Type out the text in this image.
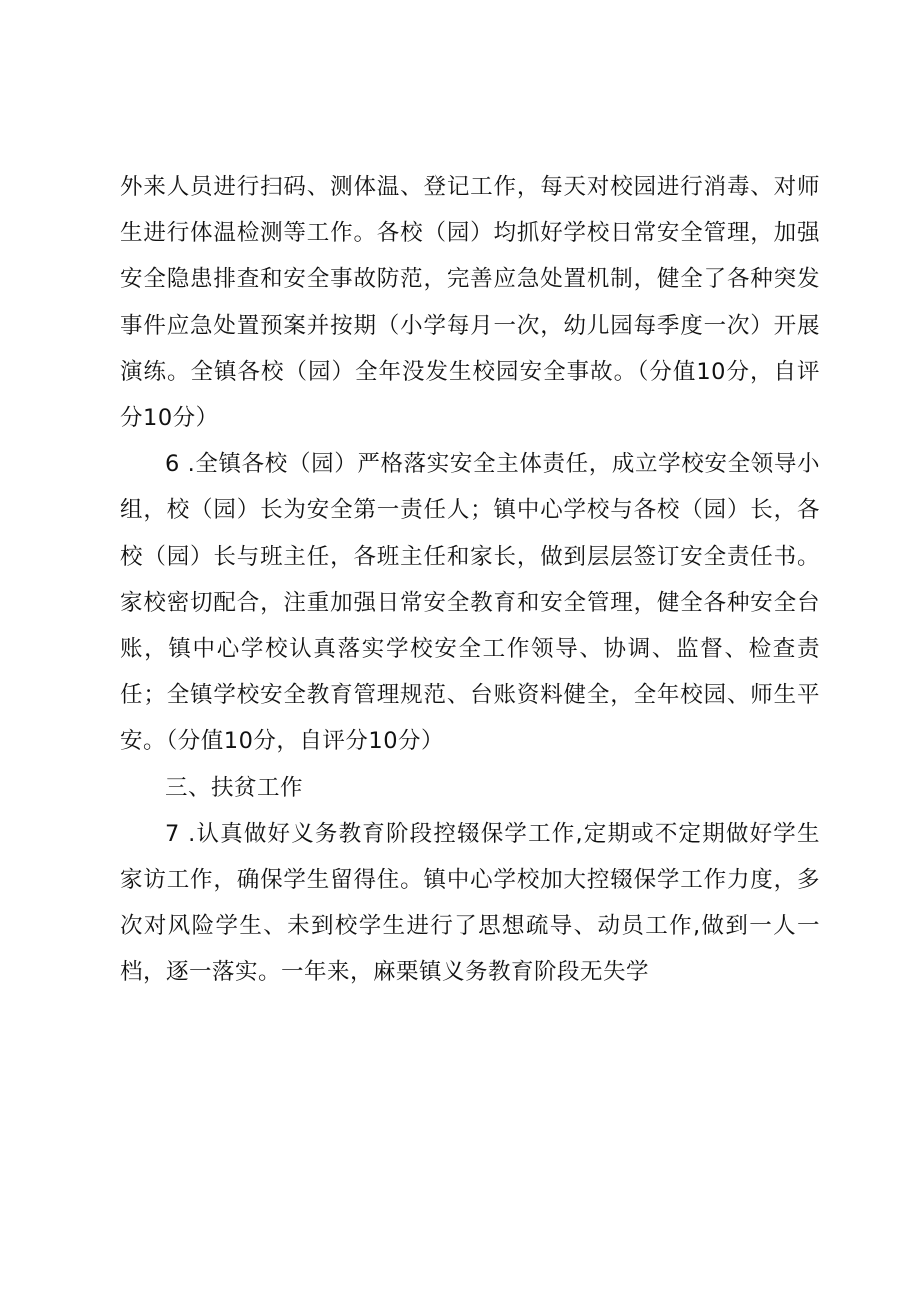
外来人员进行扫码、测体温、登记工作，每天对校园进行消毒、对师生进行体温检测等工作。各校（园）均抓好学校日常安全管理，加强安全隐患排查和安全事故防范，完善应急处置机制，健全了各种突发事件应急处置预案并按期（小学每月一次，幼儿园每季度一次）开展演练。全镇各校（园）全年没发生校园安全事故。（分值10分，自评分10分）

6 .全镇各校（园）严格落实安全主体责任，成立学校安全领导小组，校（园）长为安全第一责任人；镇中心学校与各校（园）长，各校（园）长与班主任，各班主任和家长，做到层层签订安全责任书。家校密切配合，注重加强日常安全教育和安全管理，健全各种安全台账，镇中心学校认真落实学校安全工作领导、协调、监督、检查责任；全镇学校安全教育管理规范、台账资料健全，全年校园、师生平安。（分值10分，自评分10分）

三、扶贫工作

7 .认真做好义务教育阶段控辍保学工作,定期或不定期做好学生家访工作，确保学生留得住。镇中心学校加大控辍保学工作力度，多次对风险学生、未到校学生进行了思想疏导、动员工作,做到一人一档，逐一落实。一年来，麻栗镇义务教育阶段无失学
